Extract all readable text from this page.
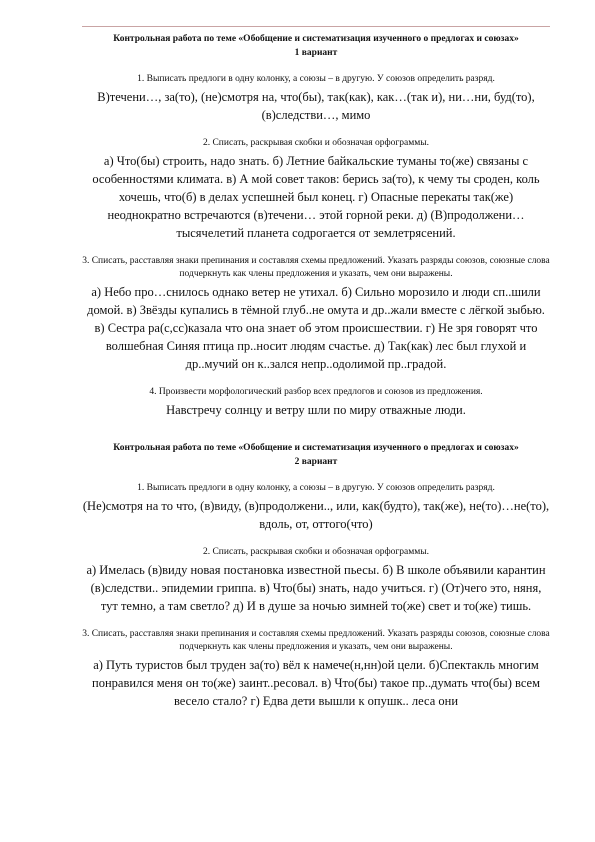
Контрольная работа по теме «Обобщение и систематизация изученного о предлогах и союзах»

1 вариант

1. Выписать предлоги в одну колонку, а союзы – в другую. У союзов определить разряд.

В)течени…, за(то), (не)смотря на, что(бы), так(как), как…(так и), ни…ни, буд(то), (в)следстви…, мимо

2. Списать, раскрывая скобки и обозначая орфограммы.

а) Что(бы) строить, надо знать. б) Летние байкальские туманы то(же) связаны с особенностями климата. в) А мой совет таков: берись за(то), к чему ты сроден, коль хочешь, что(б) в делах успешней был конец. г) Опасные перекаты так(же) неоднократно встречаются (в)течени… этой горной реки. д) (В)продолжени… тысячелетий планета содрогается от землетрясений.

3. Списать, расставляя знаки препинания и составляя схемы предложений. Указать разряды союзов, союзные слова подчеркнуть как члены предложения и указать, чем они выражены.

а) Небо про…снилось однако ветер не утихал. б) Сильно морозило и люди сп..шили домой. в) Звёзды купались в тёмной глуб..не омута и др..жали вместе с лёгкой зыбью. в) Сестра ра(с,сс)казала что она знает об этом происшествии. г) Не зря говорят что волшебная Синяя птица пр..носит людям счастье. д) Так(как) лес был глухой и др..мучий он к..зался непр..одолимой пр..градой.

4. Произвести морфологический разбор всех предлогов и союзов из предложения.

Навстречу солнцу и ветру шли по миру отважные люди.

Контрольная работа по теме «Обобщение и систематизация изученного о предлогах и союзах»

2 вариант

1. Выписать предлоги в одну колонку, а союзы – в другую. У союзов определить разряд.

(Не)смотря на то что, (в)виду, (в)продолжени.., или, как(будто), так(же), не(то)…не(то), вдоль, от, оттого(что)

2. Списать, раскрывая скобки и обозначая орфограммы.

а) Имелась (в)виду новая постановка известной пьесы. б) В школе объявили карантин (в)следстви.. эпидемии гриппа. в) Что(бы) знать, надо учиться. г) (От)чего это, няня, тут темно, а там светло? д) И в душе за ночью зимней то(же) свет и то(же) тишь.

3. Списать, расставляя знаки препинания и составляя схемы предложений. Указать разряды союзов, союзные слова подчеркнуть как члены предложения и указать, чем они выражены.

а) Путь туристов был труден за(то) вёл к намече(н,нн)ой цели. б)Спектакль многим понравился меня он то(же) заинт..ресовал. в) Что(бы) такое пр..думать что(бы) всем весело стало? г) Едва дети вышли к опушк.. леса они
